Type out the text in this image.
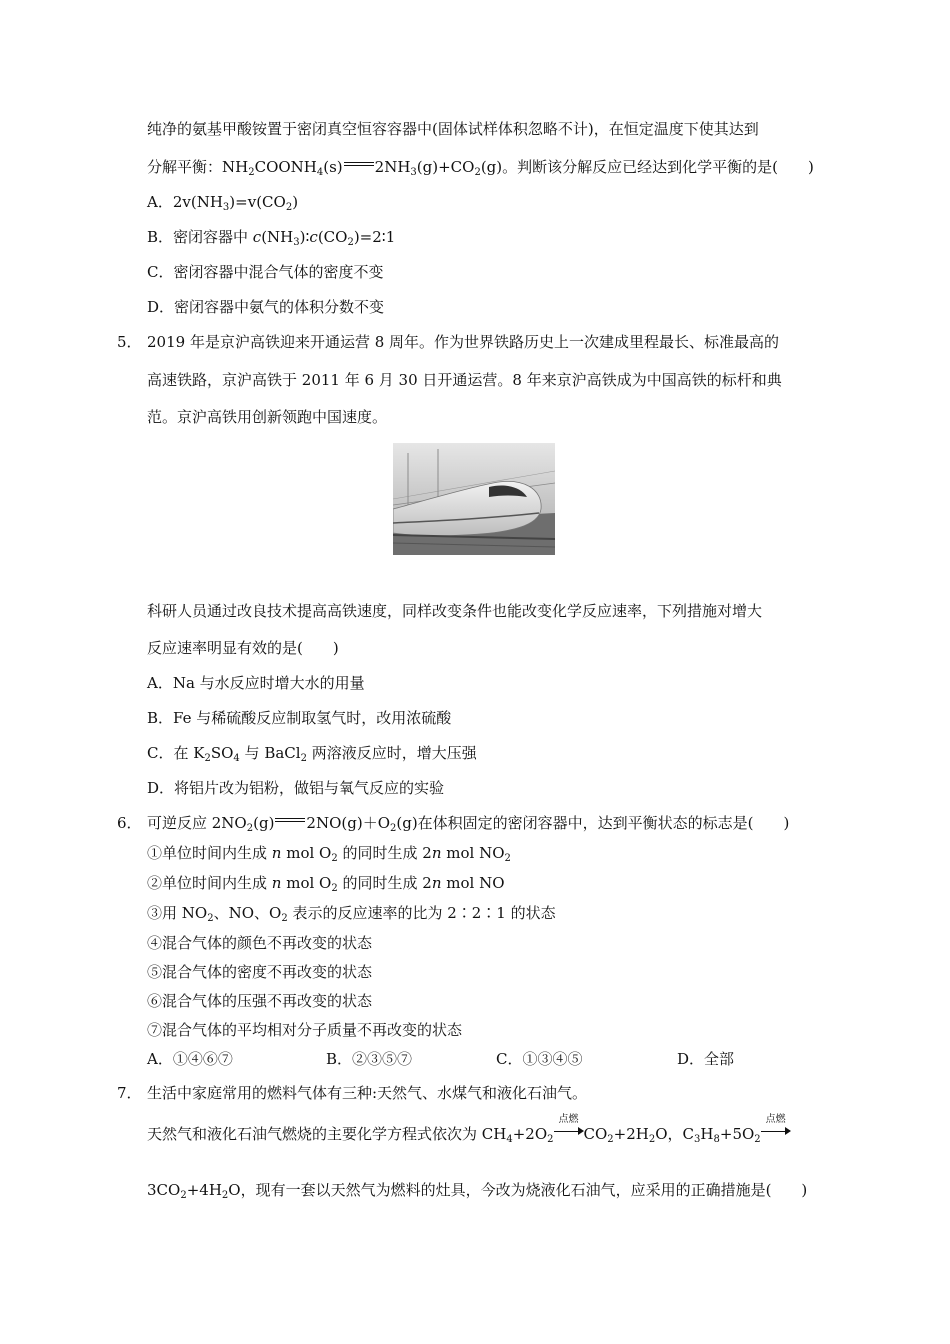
纯净的氨基甲酸铵置于密闭真空恒容容器中(固体试样体积忽略不计)，在恒定温度下使其达到
分解平衡：$NH_2COONH_4(s)$ $2NH_3(g)+CO_2(g)$。判断该分解反应已经达到化学平衡的是(　　)
A．$2v(NH_3)=v(CO_2)$
B．密闭容器中 $c(NH_3)∶c(CO_2)=2∶1$
C．密闭容器中混合气体的密度不变
D．密闭容器中氨气的体积分数不变
5． 2019 年是京沪高铁迎来开通运营 8 周年。作为世界铁路历史上一次建成里程最长、标准最高的
高速铁路，京沪高铁于 2011 年 6 月 30 日开通运营。8 年来京沪高铁成为中国高铁的标杆和典
范。京沪高铁用创新领跑中国速度。
科研人员通过改良技术提高高铁速度，同样改变条件也能改变化学反应速率，下列措施对增大
反应速率明显有效的是(　　)
A．Na 与水反应时增大水的用量
B．Fe 与稀硫酸反应制取氢气时，改用浓硫酸
C．在 $K_2SO_4$ 与 BaCl$_2$ 两溶液反应时，增大压强
D．将铝片改为铝粉，做铝与氧气反应的实验
6． 可逆反应 $2NO_2(g)$ $2NO(g)+O_2(g)$在体积固定的密闭容器中，达到平衡状态的标志是(　　)
①单位时间内生成 n mol $O_2$ 的同时生成 2n mol $NO_2$
②单位时间内生成 n mol $O_2$ 的同时生成 2n mol NO
③用 $NO_2$、NO、$O_2$ 表示的反应速率的比为 2∶2∶1 的状态
④混合气体的颜色不再改变的状态
⑤混合气体的密度不再改变的状态
⑥混合气体的压强不再改变的状态
⑦混合气体的平均相对分子质量不再改变的状态
A．①④⑥⑦	B．②③⑤⑦	C．①③④⑤	D．全部
7． 生活中家庭常用的燃料气体有三种:天然气、水煤气和液化石油气。
天然气和液化石油气燃烧的主要化学方程式依次为 $CH_4+2O_2$
点燃
$CO_2+2H_2O$，$C_3H_8+5O_2$
点燃
$3CO_2+4H_2O$，现有一套以天然气为燃料的灶具，今改为烧液化石油气，应采用的正确措施是(　　)
